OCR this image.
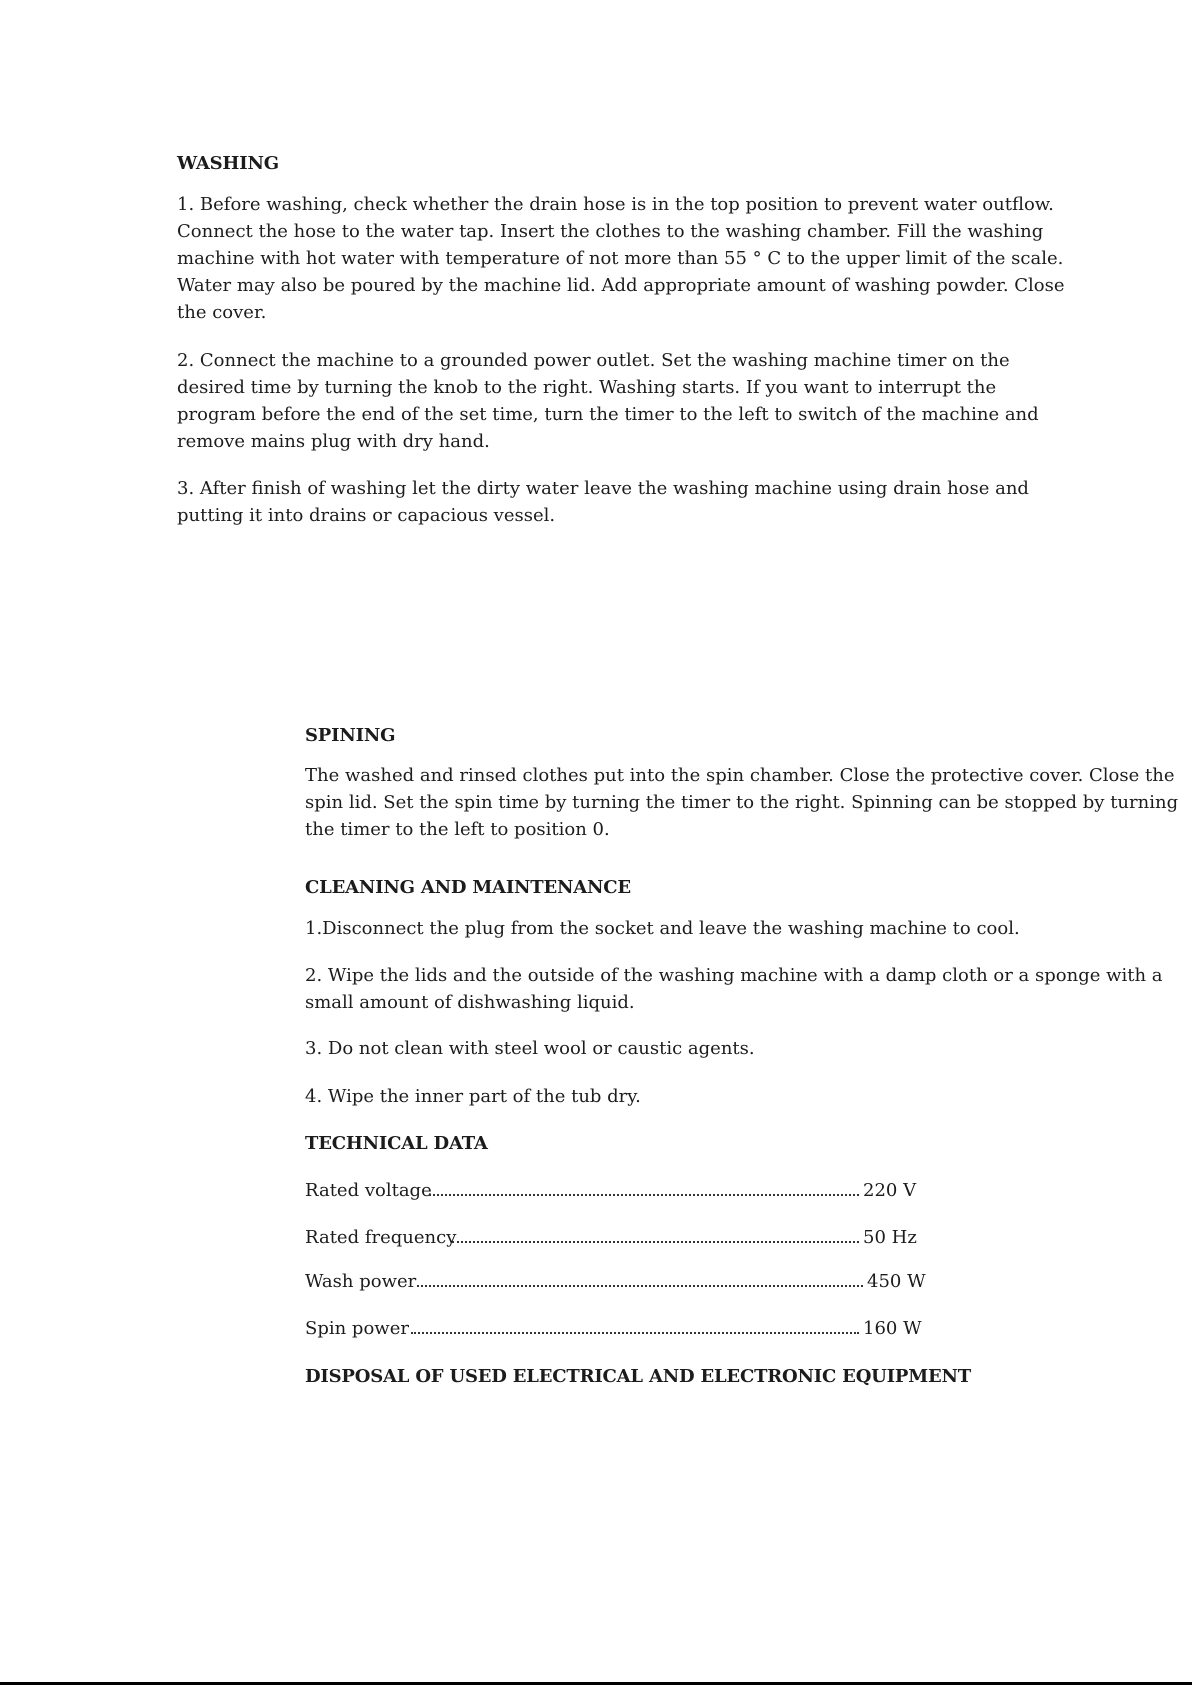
WASHING
1. Before washing, check whether the drain hose is in the top position to prevent water outflow.
Connect the hose to the water tap. Insert the clothes to the washing chamber. Fill the washing
machine with hot water with temperature of not more than 55 ° C to the upper limit of the scale.
Water may also be poured by the machine lid. Add appropriate amount of washing powder. Close
the cover.
2. Connect the machine to a grounded power outlet. Set the washing machine timer on the
desired time by turning the knob to the right. Washing starts. If you want to interrupt the
program before the end of the set time, turn the timer to the left to switch of the machine and
remove mains plug with dry hand.
3. After finish of washing let the dirty water leave the washing machine using drain hose and
putting it into drains or capacious vessel.
SPINING
The washed and rinsed clothes put into the spin chamber. Close the protective cover. Close the
spin lid. Set the spin time by turning the timer to the right. Spinning can be stopped by turning
the timer to the left to position 0.
CLEANING AND MAINTENANCE
1.Disconnect the plug from the socket and leave the washing machine to cool.
2. Wipe the lids and the outside of the washing machine with a damp cloth or a sponge with a
small amount of dishwashing liquid.
3. Do not clean with steel wool or caustic agents.
4. Wipe the inner part of the tub dry.
TECHNICAL DATA
Rated voltage	220 V
Rated frequency	50 Hz
Wash power	450 W
Spin power	160 W
DISPOSAL OF USED ELECTRICAL AND ELECTRONIC EQUIPMENT
